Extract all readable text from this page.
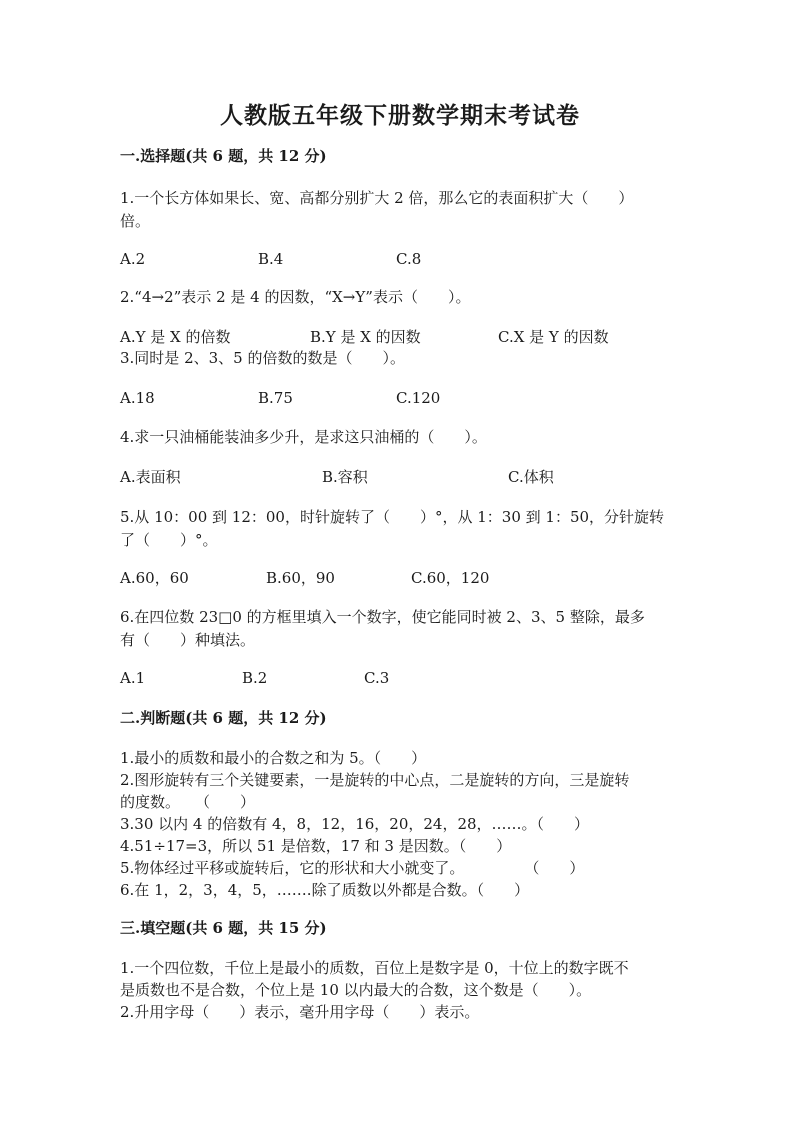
人教版五年级下册数学期末考试卷
一.选择题(共 6 题，共 12 分)
1.一个长方体如果长、宽、高都分别扩大 2 倍，那么它的表面积扩大（　　）
倍。
A.2	B.4	C.8
2.“4→2”表示 2 是 4 的因数，“X→Y”表示（　　）。
A.Y 是 X 的倍数	B.Y 是 X 的因数	C.X 是 Y 的因数
3.同时是 2、3、5 的倍数的数是（　　）。
A.18	B.75	C.120
4.求一只油桶能装油多少升，是求这只油桶的（　　）。
A.表面积	B.容积	C.体积
5.从 10：00 到 12：00，时针旋转了（　　）°，从 1：30 到 1：50，分针旋转
了（　　）°。
A.60，60	B.60，90	C.60，120
6.在四位数 23□0 的方框里填入一个数字，使它能同时被 2、3、5 整除，最多
有（　　）种填法。
A.1	B.2	C.3
二.判断题(共 6 题，共 12 分)
1.最小的质数和最小的合数之和为 5。（　　）
2.图形旋转有三个关键要素，一是旋转的中心点，二是旋转的方向，三是旋转
的度数。　　（　　）
3.30 以内 4 的倍数有 4，8，12，16，20，24，28，……。（　　）
4.51÷17=3，所以 51 是倍数，17 和 3 是因数。（　　）
5.物体经过平移或旋转后，它的形状和大小就变了。　　　　　（　　）
6.在 1，2，3，4，5，…….除了质数以外都是合数。（　　）
三.填空题(共 6 题，共 15 分)
1.一个四位数，千位上是最小的质数，百位上是数字是 0，十位上的数字既不
是质数也不是合数，个位上是 10 以内最大的合数，这个数是（　　）。
2.升用字母（　　）表示，毫升用字母（　　）表示。
